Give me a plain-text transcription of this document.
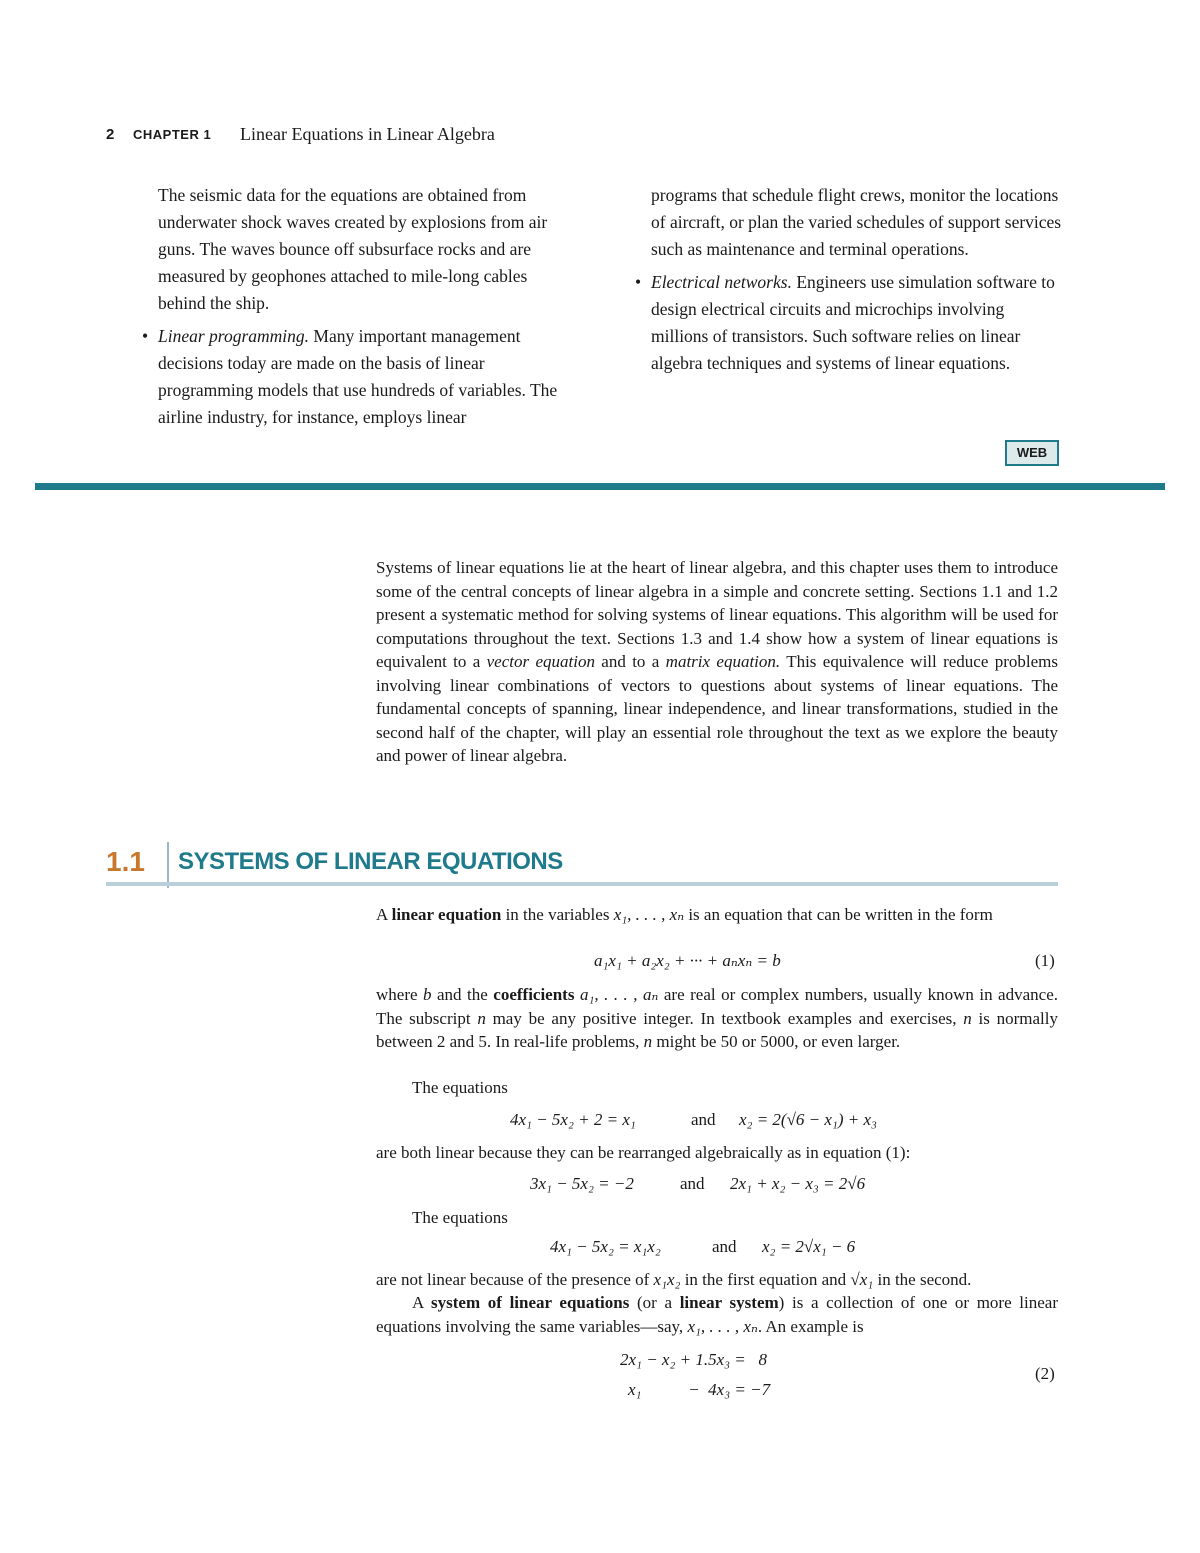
2 CHAPTER 1 Linear Equations in Linear Algebra

The seismic data for the equations are obtained from underwater shock waves created by explosions from air guns. The waves bounce off subsurface rocks and are measured by geophones attached to mile-long cables behind the ship.

• Linear programming. Many important management decisions today are made on the basis of linear programming models that use hundreds of variables. The airline industry, for instance, employs linear

programs that schedule flight crews, monitor the locations of aircraft, or plan the varied schedules of support services such as maintenance and terminal operations.

• Electrical networks. Engineers use simulation software to design electrical circuits and microchips involving millions of transistors. Such software relies on linear algebra techniques and systems of linear equations.

WEB
Systems of linear equations lie at the heart of linear algebra, and this chapter uses them to introduce some of the central concepts of linear algebra in a simple and concrete setting. Sections 1.1 and 1.2 present a systematic method for solving systems of linear equations. This algorithm will be used for computations throughout the text. Sections 1.3 and 1.4 show how a system of linear equations is equivalent to a vector equation and to a matrix equation. This equivalence will reduce problems involving linear combinations of vectors to questions about systems of linear equations. The fundamental concepts of spanning, linear independence, and linear transformations, studied in the second half of the chapter, will play an essential role throughout the text as we explore the beauty and power of linear algebra.
1.1 SYSTEMS OF LINEAR EQUATIONS
A linear equation in the variables x₁, . . . , xₙ is an equation that can be written in the form
a₁x₁ + a₂x₂ + ··· + aₙxₙ = b	(1)
where b and the coefficients a₁, . . . , aₙ are real or complex numbers, usually known in advance. The subscript n may be any positive integer. In textbook examples and exercises, n is normally between 2 and 5. In real-life problems, n might be 50 or 5000, or even larger.
The equations
4x₁ − 5x₂ + 2 = x₁	and x₂ = 2(√6 − x₁) + x₃
are both linear because they can be rearranged algebraically as in equation (1):
3x₁ − 5x₂ = −2	and 2x₁ + x₂ − x₃ = 2√6
The equations
4x₁ − 5x₂ = x₁x₂	and x₂ = 2√x₁ − 6
are not linear because of the presence of x₁x₂ in the first equation and √x₁ in the second.
A system of linear equations (or a linear system) is a collection of one or more linear equations involving the same variables—say, x₁, . . . , xₙ. An example is
2x₁ − x₂ + 1.5x₃ =   8
x₁           −  4x₃ = −7
(2)
